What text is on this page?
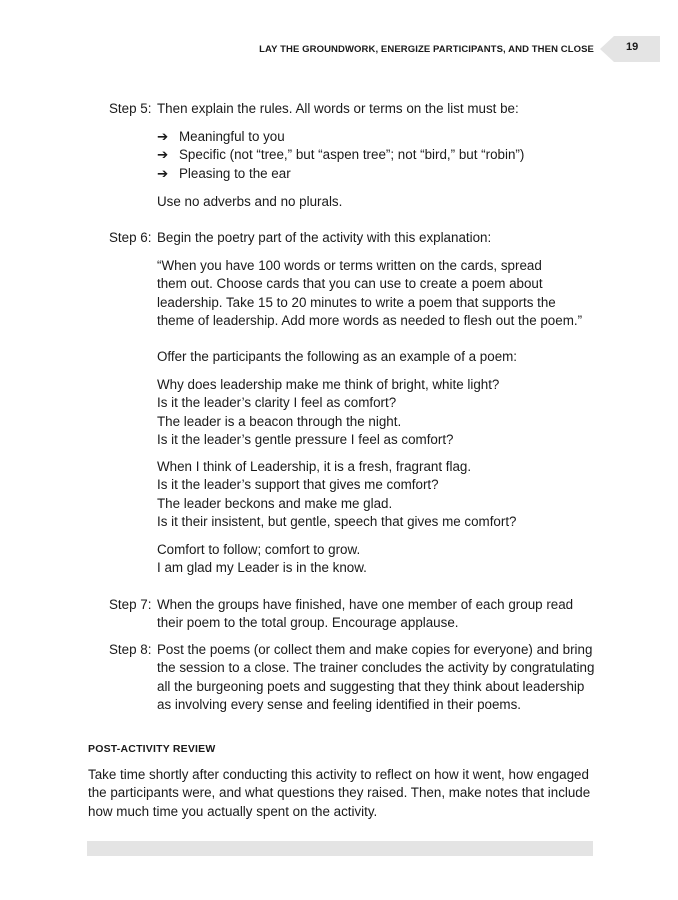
LAY THE GROUNDWORK, ENERGIZE PARTICIPANTS, AND THEN CLOSE	19
Step 5: Then explain the rules. All words or terms on the list must be:

➔ Meaningful to you
➔ Specific (not “tree,” but “aspen tree”; not “bird,” but “robin”)
➔ Pleasing to the ear

Use no adverbs and no plurals.

Step 6: Begin the poetry part of the activity with this explanation:

“When you have 100 words or terms written on the cards, spread
them out. Choose cards that you can use to create a poem about
leadership. Take 15 to 20 minutes to write a poem that supports the
theme of leadership. Add more words as needed to flesh out the poem.”

Offer the participants the following as an example of a poem:

Why does leadership make me think of bright, white light?
Is it the leader’s clarity I feel as comfort?
The leader is a beacon through the night.
Is it the leader’s gentle pressure I feel as comfort?
When I think of Leadership, it is a fresh, fragrant flag.
Is it the leader’s support that gives me comfort?
The leader beckons and make me glad.
Is it their insistent, but gentle, speech that gives me comfort?
Comfort to follow; comfort to grow.
I am glad my Leader is in the know.
Step 7: When the groups have finished, have one member of each group read
their poem to the total group. Encourage applause.
Step 8: Post the poems (or collect them and make copies for everyone) and bring
the session to a close. The trainer concludes the activity by congratulating
all the burgeoning poets and suggesting that they think about leadership
as involving every sense and feeling identified in their poems.
POST-ACTIVITY REVIEW
Take time shortly after conducting this activity to reflect on how it went, how engaged
the participants were, and what questions they raised. Then, make notes that include
how much time you actually spent on the activity.
